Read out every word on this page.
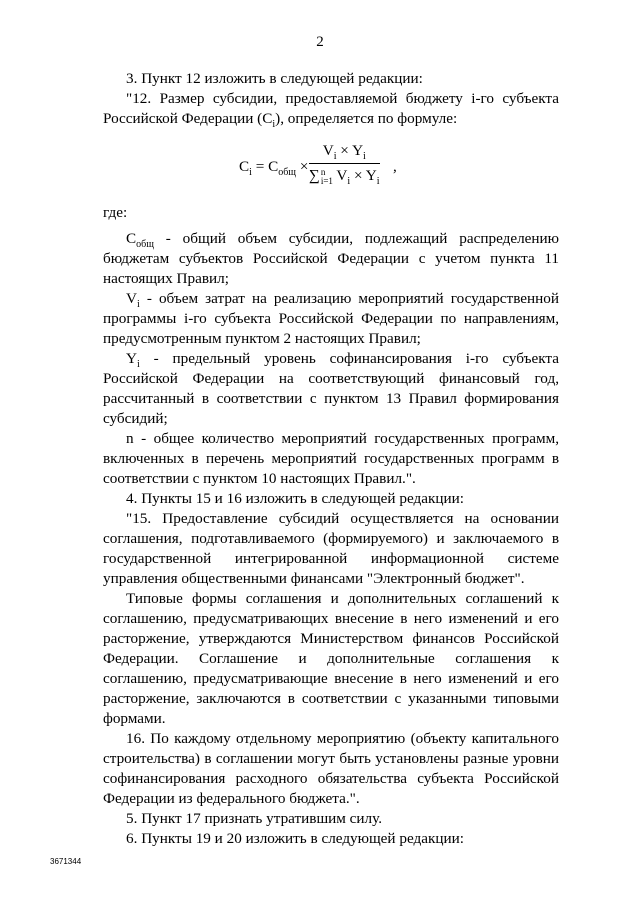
2

3. Пункт 12 изложить в следующей редакции:

"12. Размер субсидии, предоставляемой бюджету i-го субъекта Российской Федерации $(C_i)$, определяется по формуле:

$C_i = C_{общ}$ ×
$V_i \times Y_i$
∑n
i=1 $V_i \times Y_i$
,

где:

$C_{общ}$ - общий объем субсидии, подлежащий распределению бюджетам субъектов Российской Федерации с учетом пункта 11 настоящих Правил;

$V_i$ - объем затрат на реализацию мероприятий государственной программы i-го субъекта Российской Федерации по направлениям, предусмотренным пунктом 2 настоящих Правил;

$Y_i$ - предельный уровень софинансирования i-го субъекта Российской Федерации на соответствующий финансовый год, рассчитанный в соответствии с пунктом 13 Правил формирования субсидий;

n - общее количество мероприятий государственных программ, включенных в перечень мероприятий государственных программ в соответствии с пунктом 10 настоящих Правил.".

4. Пункты 15 и 16 изложить в следующей редакции:

"15. Предоставление субсидий осуществляется на основании соглашения, подготавливаемого (формируемого) и заключаемого в государственной интегрированной информационной системе управления общественными финансами "Электронный бюджет".

Типовые формы соглашения и дополнительных соглашений к соглашению, предусматривающих внесение в него изменений и его расторжение, утверждаются Министерством финансов Российской Федерации. Соглашение и дополнительные соглашения к соглашению, предусматривающие внесение в него изменений и его расторжение, заключаются в соответствии с указанными типовыми формами.

16. По каждому отдельному мероприятию (объекту капитального строительства) в соглашении могут быть установлены разные уровни софинансирования расходного обязательства субъекта Российской Федерации из федерального бюджета.".

5. Пункт 17 признать утратившим силу.

6. Пункты 19 и 20 изложить в следующей редакции:

3671344
